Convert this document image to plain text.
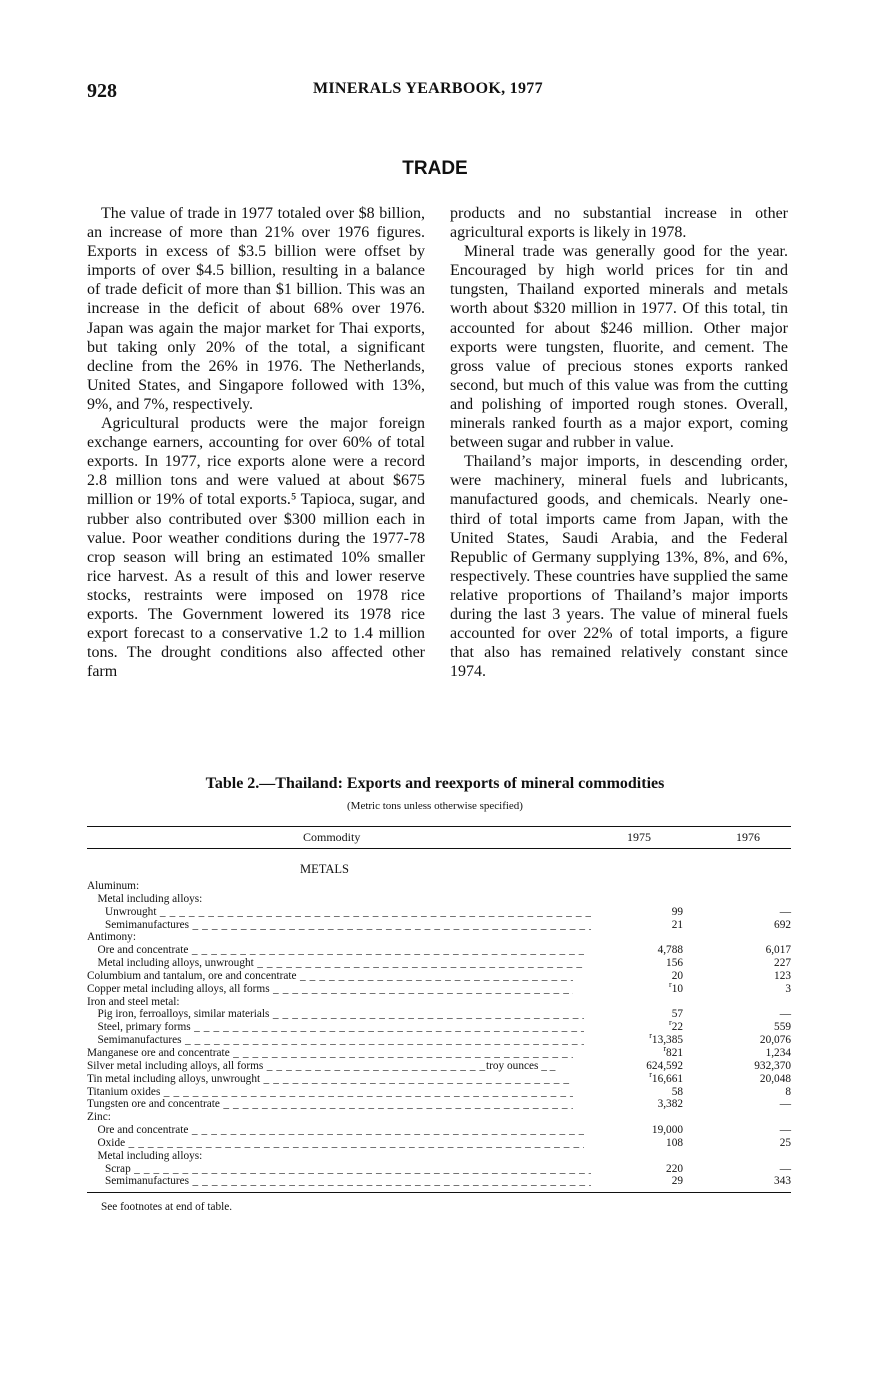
928	MINERALS YEARBOOK, 1977
TRADE

The value of trade in 1977 totaled over $8 billion, an increase of more than 21% over 1976 figures. Exports in excess of $3.5 billion were offset by imports of over $4.5 billion, resulting in a balance of trade deficit of more than $1 billion. This was an increase in the deficit of about 68% over 1976. Japan was again the major market for Thai exports, but taking only 20% of the total, a significant decline from the 26% in 1976. The Netherlands, United States, and Singapore followed with 13%, 9%, and 7%, respectively.

Agricultural products were the major foreign exchange earners, accounting for over 60% of total exports. In 1977, rice exports alone were a record 2.8 million tons and were valued at about $675 million or 19% of total exports.⁵ Tapioca, sugar, and rubber also contributed over $300 million each in value. Poor weather conditions during the 1977-78 crop season will bring an estimated 10% smaller rice harvest. As a result of this and lower reserve stocks, restraints were imposed on 1978 rice exports. The Government lowered its 1978 rice export forecast to a conservative 1.2 to 1.4 million tons. The drought conditions also affected other farm

products and no substantial increase in other agricultural exports is likely in 1978.

Mineral trade was generally good for the year. Encouraged by high world prices for tin and tungsten, Thailand exported minerals and metals worth about $320 million in 1977. Of this total, tin accounted for about $246 million. Other major exports were tungsten, fluorite, and cement. The gross value of precious stones exports ranked second, but much of this value was from the cutting and polishing of imported rough stones. Overall, minerals ranked fourth as a major export, coming between sugar and rubber in value.

Thailand’s major imports, in descending order, were machinery, mineral fuels and lubricants, manufactured goods, and chemicals. Nearly one-third of total imports came from Japan, with the United States, Saudi Arabia, and the Federal Republic of Germany supplying 13%, 8%, and 6%, respectively. These countries have supplied the same relative proportions of Thailand’s major imports during the last 3 years. The value of mineral fuels accounted for over 22% of total imports, a figure that also has remained relatively constant since 1974.

Table 2.—Thailand: Exports and reexports of mineral commodities
(Metric tons unless otherwise specified)
Commodity	1975	1976
METALS
Aluminum:
Metal including alloys:
Unwrought _ _ _	99	—
Semimanufactures _ _ _	21	692
Antimony:
Ore and concentrate _ _ _	4,788	6,017
Metal including alloys, unwrought _ _ _	156	227
Columbium and tantalum, ore and concentrate _ _ _	20	123
Copper metal including alloys, all forms _ _ _	$^r$10	3
Iron and steel metal:
Pig iron, ferroalloys, similar materials _ _ _	57	—
Steel, primary forms _ _ _	$^r$22	559
Semimanufactures _ _ _	$^r$13,385	20,076
Manganese ore and concentrate _ _ _	$^r$821	1,234
Silver metal including alloys, all forms _ _ _	troy ounces _ _	624,592	932,370
Tin metal including alloys, unwrought _ _ _	$^r$16,661	20,048
Titanium oxides _ _ _	58	8
Tungsten ore and concentrate _ _ _	3,382	—
Zinc:
Ore and concentrate _ _ _	19,000	—
Oxide _ _ _	108	25
Metal including alloys:
Scrap _ _ _	220	—
Semimanufactures _ _ _	29	343
See footnotes at end of table.
